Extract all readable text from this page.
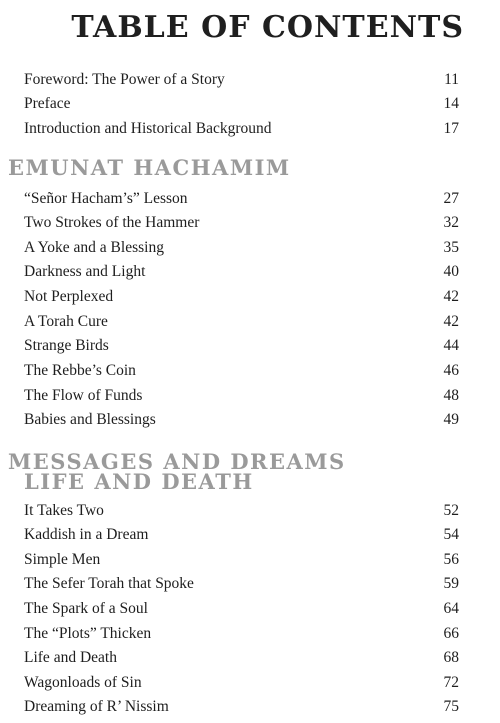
TABLE OF CONTENTS
Foreword: The Power of a Story	11
Preface	14
Introduction and Historical Background	17
EMUNAT HACHAMIM
“Señor Hacham’s” Lesson	27
Two Strokes of the Hammer	32
A Yoke and a Blessing	35
Darkness and Light	40
Not Perplexed	42
A Torah Cure	42
Strange Birds	44
The Rebbe’s Coin	46
The Flow of Funds	48
Babies and Blessings	49
MESSAGES AND DREAMS
LIFE AND DEATH
It Takes Two	52
Kaddish in a Dream	54
Simple Men	56
The Sefer Torah that Spoke	59
The Spark of a Soul	64
The “Plots” Thicken	66
Life and Death	68
Wagonloads of Sin	72
Dreaming of R’ Nissim	75
